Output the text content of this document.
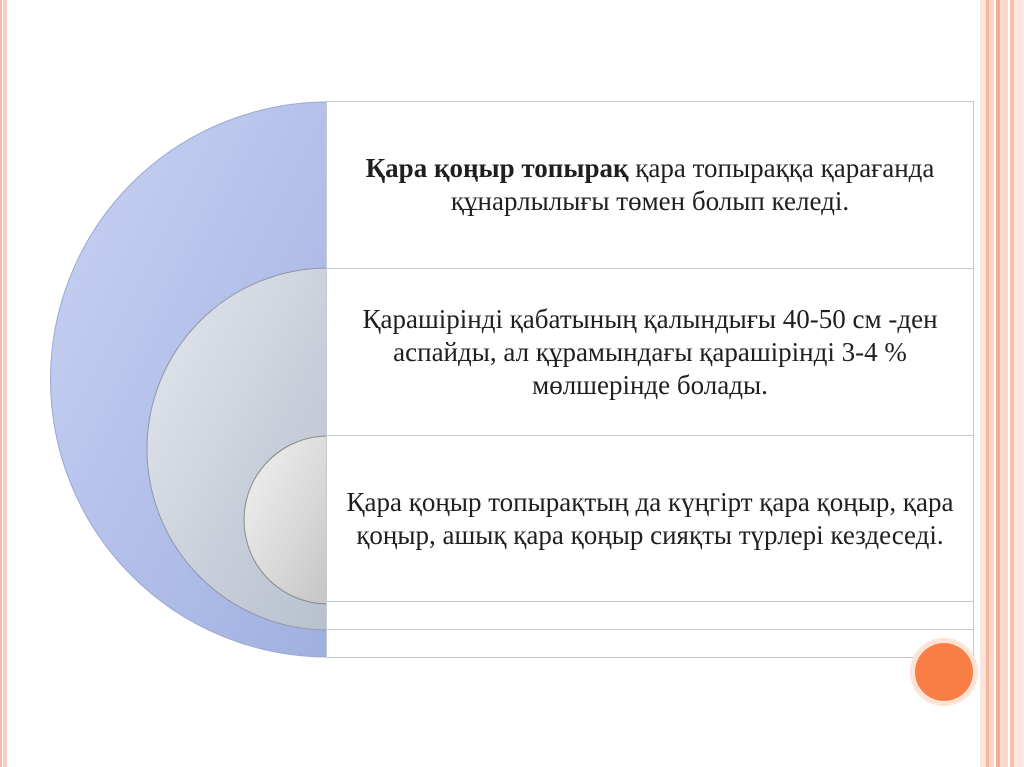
Қара қоңыр топырақ қара топыраққа қарағанда құнарлылығы төмен болып келеді.
Қарашірінді қабатының қалындығы 40-50 см -ден аспайды, ал құрамындағы қарашірінді 3-4 % мөлшерінде болады.
Қара қоңыр топырақтың да күңгірт қара қоңыр, қара қоңыр, ашық қара қоңыр сияқты түрлері кездеседі.
